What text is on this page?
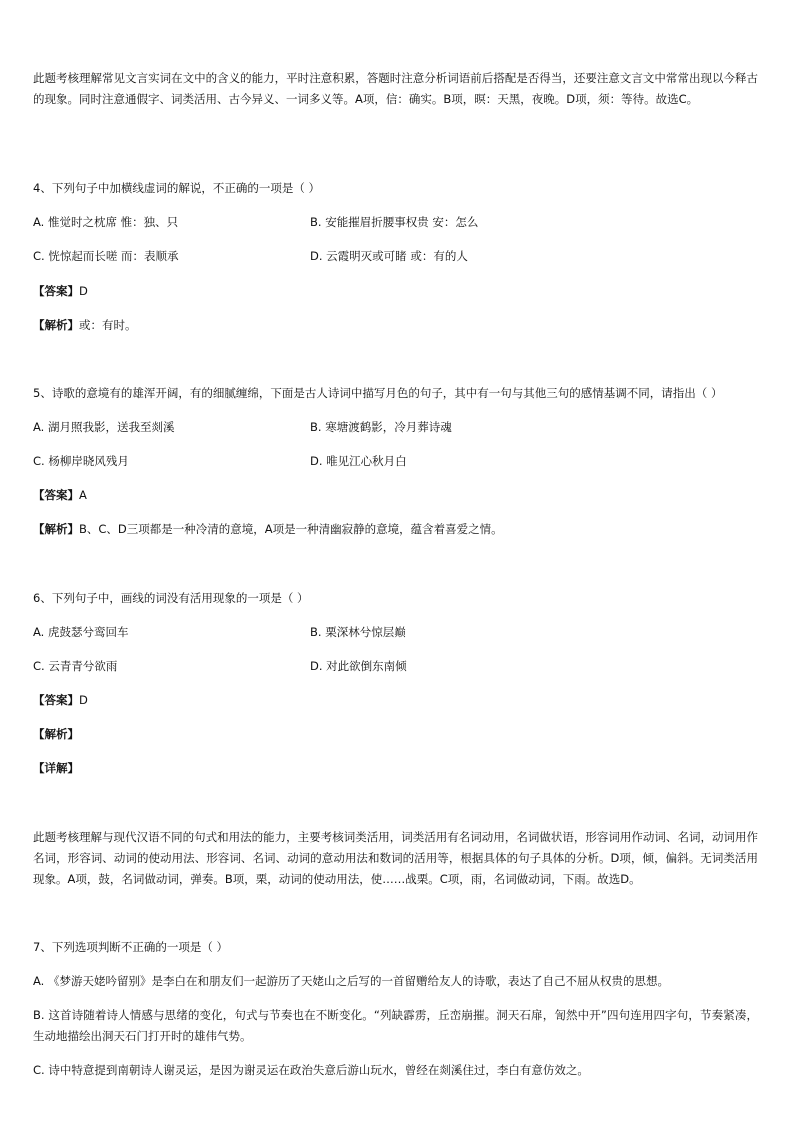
此题考核理解常见文言实词在文中的含义的能力，平时注意积累，答题时注意分析词语前后搭配是否得当，还要注意文言文中常常出现以今释古的现象。同时注意通假字、词类活用、古今异义、一词多义等。A项，信：确实。B项，暝：天黑，夜晚。D项，须：等待。故选C。
4、下列句子中加横线虚词的解说，不正确的一项是（ ）
A. 惟觉时之枕席 惟：独、只	B. 安能摧眉折腰事权贵 安：怎么
C. 恍惊起而长嗟 而：表顺承	D. 云霞明灭或可睹 或：有的人
【答案】D
【解析】或：有时。
5、诗歌的意境有的雄浑开阔，有的细腻缠绵，下面是古人诗词中描写月色的句子，其中有一句与其他三句的感情基调不同，请指出（ ）
A. 湖月照我影，送我至剡溪	B. 寒塘渡鹤影，冷月葬诗魂
C. 杨柳岸晓风残月	D. 唯见江心秋月白
【答案】A
【解析】B、C、D三项都是一种冷清的意境，A项是一种清幽寂静的意境，蕴含着喜爱之情。
6、下列句子中，画线的词没有活用现象的一项是（ ）
A. 虎鼓瑟兮鸾回车	B. 栗深林兮惊层巅
C. 云青青兮欲雨	D. 对此欲倒东南倾
【答案】D
【解析】
【详解】
此题考核理解与现代汉语不同的句式和用法的能力，主要考核词类活用，词类活用有名词动用，名词做状语，形容词用作动词、名词，动词用作名词，形容词、动词的使动用法、形容词、名词、动词的意动用法和数词的活用等，根据具体的句子具体的分析。D项，倾，偏斜。无词类活用现象。A项，鼓，名词做动词，弹奏。B项，栗，动词的使动用法，使……战栗。C项，雨，名词做动词，下雨。故选D。
7、下列选项判断不正确的一项是（ ）
A. 《梦游天姥吟留别》是李白在和朋友们一起游历了天姥山之后写的一首留赠给友人的诗歌，表达了自己不屈从权贵的思想。
B. 这首诗随着诗人情感与思绪的变化，句式与节奏也在不断变化。“列缺霹雳，丘峦崩摧。洞天石扉，訇然中开”四句连用四字句，节奏紧凑，生动地描绘出洞天石门打开时的雄伟气势。
C. 诗中特意提到南朝诗人谢灵运，是因为谢灵运在政治失意后游山玩水，曾经在剡溪住过，李白有意仿效之。
